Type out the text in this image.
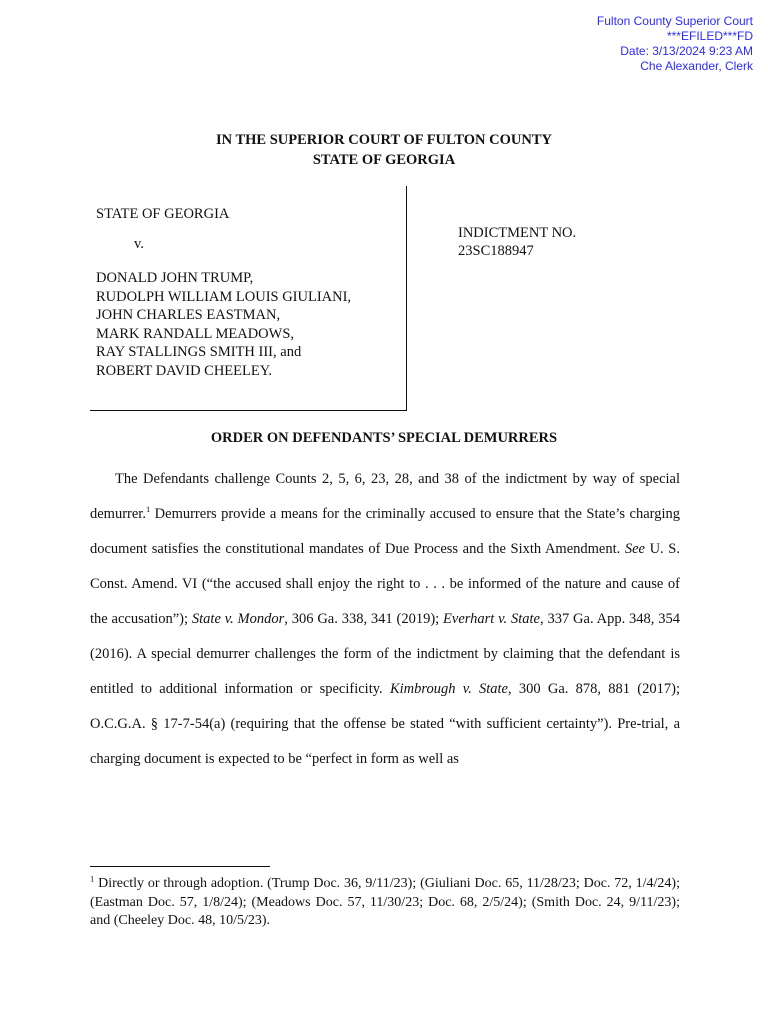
Fulton County Superior Court
***EFILED***FD
Date: 3/13/2024 9:23 AM
Che Alexander, Clerk
IN THE SUPERIOR COURT OF FULTON COUNTY
STATE OF GEORGIA
STATE OF GEORGIA
v.
DONALD JOHN TRUMP,
RUDOLPH WILLIAM LOUIS GIULIANI,
JOHN CHARLES EASTMAN,
MARK RANDALL MEADOWS,
RAY STALLINGS SMITH III, and
ROBERT DAVID CHEELEY.
INDICTMENT NO.
23SC188947
ORDER ON DEFENDANTS’ SPECIAL DEMURRERS

The Defendants challenge Counts 2, 5, 6, 23, 28, and 38 of the indictment by way of special demurrer.$^1$ Demurrers provide a means for the criminally accused to ensure that the State’s charging document satisfies the constitutional mandates of Due Process and the Sixth Amendment. See U. S. Const. Amend. VI (“the accused shall enjoy the right to . . . be informed of the nature and cause of the accusation”); State v. Mondor, 306 Ga. 338, 341 (2019); Everhart v. State, 337 Ga. App. 348, 354 (2016). A special demurrer challenges the form of the indictment by claiming that the defendant is entitled to additional information or specificity. Kimbrough v. State, 300 Ga. 878, 881 (2017); O.C.G.A. § 17-7-54(a) (requiring that the offense be stated “with sufficient certainty”). Pre-trial, a charging document is expected to be “perfect in form as well as

$^1$ Directly or through adoption. (Trump Doc. 36, 9/11/23); (Giuliani Doc. 65, 11/28/23; Doc. 72, 1/4/24); (Eastman Doc. 57, 1/8/24); (Meadows Doc. 57, 11/30/23; Doc. 68, 2/5/24); (Smith Doc. 24, 9/11/23); and (Cheeley Doc. 48, 10/5/23).
